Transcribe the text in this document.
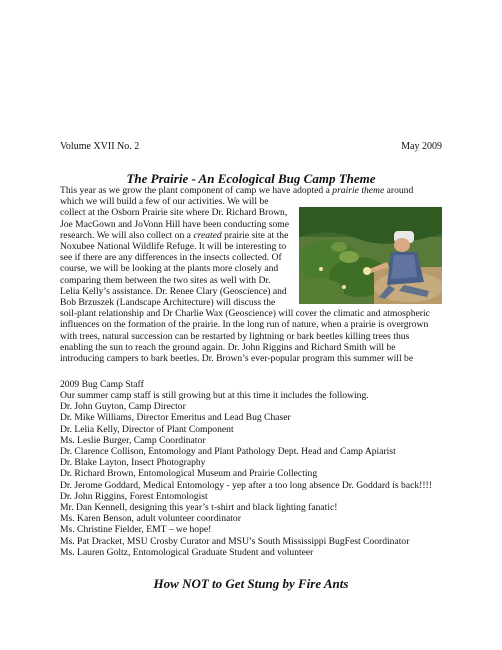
Volume XVII No. 2	May 2009
The Prairie - An Ecological Bug Camp Theme
This year as we grow the plant component of camp we have adopted a prairie theme around
which we will build a few of our activities. We will be
collect at the Osborn Prairie site where Dr. Richard Brown,
Joe MacGown and JoVonn Hill have been conducting some
research. We will also collect on a created prairie site at the
Noxubee National Wildlife Refuge. It will be interesting to
see if there are any differences in the insects collected. Of
course, we will be looking at the plants more closely and
comparing them between the two sites as well with Dr.
Lelia Kelly’s assistance. Dr. Renee Clary (Geoscience) and
Bob Brzuszek (Landscape Architecture) will discuss the
soil-plant relationship and Dr Charlie Wax (Geoscience) will cover the climatic and atmospheric
influences on the formation of the prairie. In the long run of nature, when a prairie is overgrown
with trees, natural succession can be restarted by lightning or bark beetles killing trees thus
enabling the sun to reach the ground again. Dr. John Riggins and Richard Smith will be
introducing campers to bark beetles. Dr. Brown’s ever-popular program this summer will be
2009 Bug Camp Staff
Our summer camp staff is still growing but at this time it includes the following.
Dr. John Guyton, Camp Director
Dr. Mike Williams, Director Emeritus and Lead Bug Chaser
Dr. Lelia Kelly, Director of Plant Component
Ms. Leslie Burger, Camp Coordinator
Dr. Clarence Collison, Entomology and Plant Pathology Dept. Head and Camp Apiarist
Dr. Blake Layton, Insect Photography
Dr. Richard Brown, Entomological Museum and Prairie Collecting
Dr. Jerome Goddard, Medical Entomology - yep after a too long absence Dr. Goddard is back!!!!
Dr. John Riggins, Forest Entomologist
Mr. Dan Kennell, designing this year’s t-shirt and black lighting fanatic!
Ms. Karen Benson, adult volunteer coordinator
Ms. Christine Fielder, EMT – we hope!
Ms. Pat Dracket, MSU Crosby Curator and MSU’s South Mississippi BugFest Coordinator
Ms. Lauren Goltz, Entomological Graduate Student and volunteer
How NOT to Get Stung by Fire Ants
